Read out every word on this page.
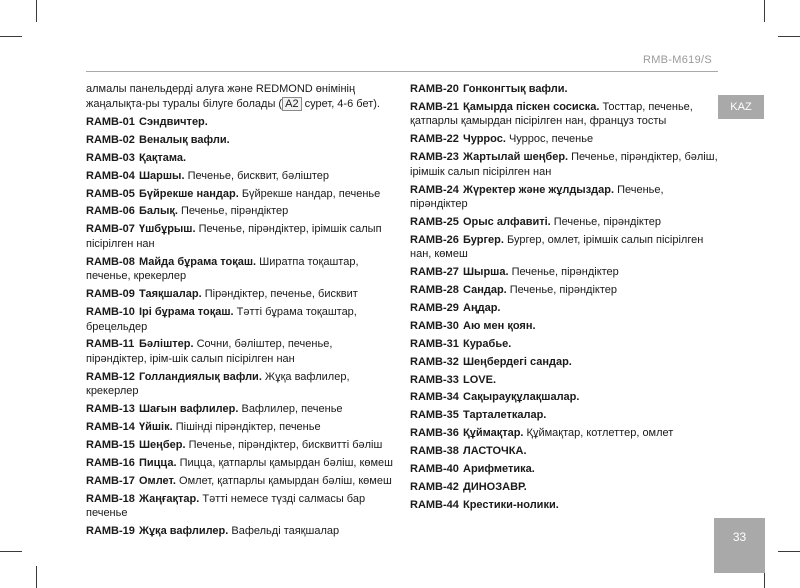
RMB-M619/S
KAZ
алмалы панельдерді алуға және REDMOND өнімінің жаңалықта-ры туралы білуге болады ( A2 сурет, 4-6 бет).
RAMB-01 Сэндвичтер.
RAMB-02 Веналық вафли.
RAMB-03 Қақтама.
RAMB-04 Шаршы. Печенье, бисквит, бәліштер
RAMB-05 Бүйрекше нандар. Бүйрекше нандар, печенье
RAMB-06 Балық. Печенье, пірәндіктер
RAMB-07 Үшбұрыш. Печенье, пірәндіктер, ірімшік салып пісірілген нан
RAMB-08 Майда бұрама тоқаш. Ширатпа тоқаштар, печенье, крекерлер
RAMB-09 Таяқшалар. Пірәндіктер, печенье, бисквит
RAMB-10 Ірі бұрама тоқаш. Тәтті бұрама тоқаштар, брецельдер
RAMB-11 Бәліштер. Сочни, бәліштер, печенье, пірәндіктер, ірім-шік салып пісірілген нан
RAMB-12 Голландиялық вафли. Жұқа вафлилер, крекерлер
RAMB-13 Шағын вафлилер. Вафлилер, печенье
RAMB-14 Үйшік. Пішінді пірәндіктер, печенье
RAMB-15 Шеңбер. Печенье, пірәндіктер, бисквитті бәліш
RAMB-16 Пицца. Пицца, қатпарлы қамырдан бәліш, көмеш
RAMB-17 Омлет. Омлет, қатпарлы қамырдан бәліш, көмеш
RAMB-18 Жаңғақтар. Тәтті немесе түзді салмасы бар печенье
RAMB-19 Жұқа вафлилер. Вафельді таяқшалар
RAMB-20 Гонконгтық вафли.
RAMB-21 Қамырда піскен сосиска. Тосттар, печенье, қатпарлы қамырдан пісірілген нан, француз тосты
RAMB-22 Чуррос. Чуррос, печенье
RAMB-23 Жартылай шеңбер. Печенье, пірәндіктер, бәліш, ірімшік салып пісірілген нан
RAMB-24 Жүректер және жұлдыздар. Печенье, пірәндіктер
RAMB-25 Орыс алфавиті. Печенье, пірәндіктер
RAMB-26 Бургер. Бургер, омлет, ірімшік салып пісірілген нан, көмеш
RAMB-27 Шырша. Печенье, пірәндіктер
RAMB-28 Сандар. Печенье, пірәндіктер
RAMB-29 Аңдар.
RAMB-30 Аю мен қоян.
RAMB-31 Курабье.
RAMB-32 Шеңбердегі сандар.
RAMB-33 LOVE.
RAMB-34 Сақырауқұлақшалар.
RAMB-35 Тарталеткалар.
RAMB-36 Құймақтар. Құймақтар, котлеттер, омлет
RAMB-38 ЛАСТОЧКА.
RAMB-40 Арифметика.
RAMB-42 ДИНОЗАВР.
RAMB-44 Крестики-нолики.
33
